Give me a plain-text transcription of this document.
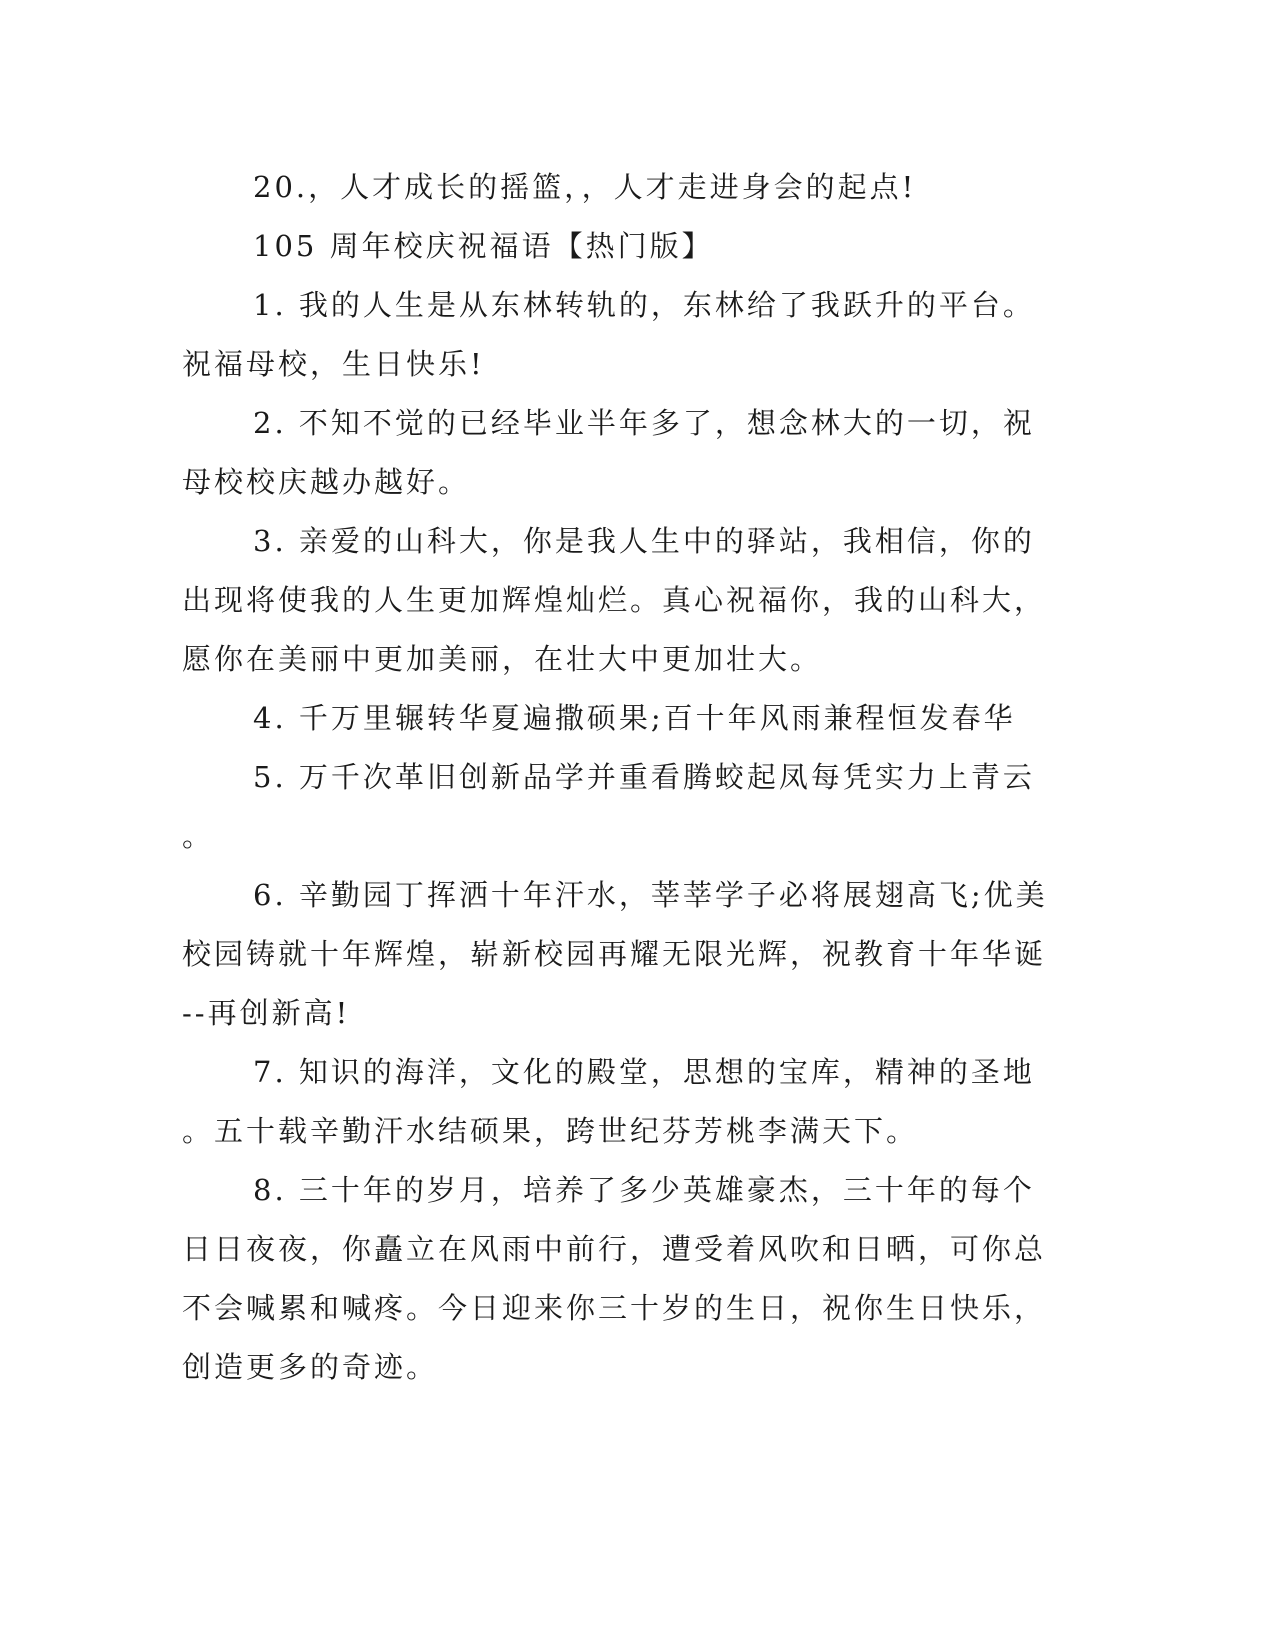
20.，人才成长的摇篮，，人才走进身会的起点!

105 周年校庆祝福语【热门版】

1. 我的人生是从东林转轨的，东林给了我跃升的平台。

祝福母校，生日快乐!

2. 不知不觉的已经毕业半年多了，想念林大的一切，祝

母校校庆越办越好。

3. 亲爱的山科大，你是我人生中的驿站，我相信，你的

出现将使我的人生更加辉煌灿烂。真心祝福你，我的山科大，

愿你在美丽中更加美丽，在壮大中更加壮大。

4. 千万里辗转华夏遍撒硕果;百十年风雨兼程恒发春华

5. 万千次革旧创新品学并重看腾蛟起凤每凭实力上青云

。

6. 辛勤园丁挥洒十年汗水，莘莘学子必将展翅高飞;优美

校园铸就十年辉煌，崭新校园再耀无限光辉，祝教育十年华诞

--再创新高!

7. 知识的海洋，文化的殿堂，思想的宝库，精神的圣地

。五十载辛勤汗水结硕果，跨世纪芬芳桃李满天下。

8. 三十年的岁月，培养了多少英雄豪杰，三十年的每个

日日夜夜，你矗立在风雨中前行，遭受着风吹和日晒，可你总

不会喊累和喊疼。今日迎来你三十岁的生日，祝你生日快乐，

创造更多的奇迹。
